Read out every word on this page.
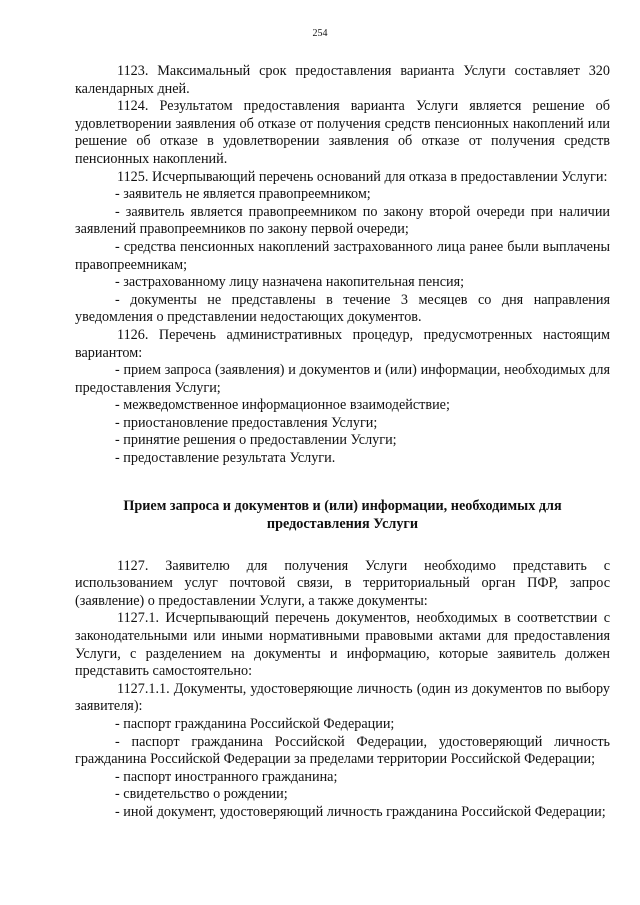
254

1123. Максимальный срок предоставления варианта Услуги составляет 320 календарных дней.

1124. Результатом предоставления варианта Услуги является решение об удовлетворении заявления об отказе от получения средств пенсионных накоплений или решение об отказе в удовлетворении заявления об отказе от получения средств пенсионных накоплений.

1125. Исчерпывающий перечень оснований для отказа в предоставлении Услуги:

- заявитель не является правопреемником;

- заявитель является правопреемником по закону второй очереди при наличии заявлений правопреемников по закону первой очереди;

- средства пенсионных накоплений застрахованного лица ранее были выплачены правопреемникам;

- застрахованному лицу назначена накопительная пенсия;

- документы не представлены в течение 3 месяцев со дня направления уведомления о представлении недостающих документов.

1126. Перечень административных процедур, предусмотренных настоящим вариантом:

- прием запроса (заявления) и документов и (или) информации, необходимых для предоставления Услуги;

- межведомственное информационное взаимодействие;

- приостановление предоставления Услуги;

- принятие решения о предоставлении Услуги;

- предоставление результата Услуги.

Прием запроса и документов и (или) информации, необходимых для предоставления Услуги

1127. Заявителю для получения Услуги необходимо представить с использованием услуг почтовой связи, в территориальный орган ПФР, запрос (заявление) о предоставлении Услуги, а также документы:

1127.1. Исчерпывающий перечень документов, необходимых в соответствии с законодательными или иными нормативными правовыми актами для предоставления Услуги, с разделением на документы и информацию, которые заявитель должен представить самостоятельно:

1127.1.1. Документы, удостоверяющие личность (один из документов по выбору заявителя):

- паспорт гражданина Российской Федерации;

- паспорт гражданина Российской Федерации, удостоверяющий личность гражданина Российской Федерации за пределами территории Российской Федерации;

- паспорт иностранного гражданина;

- свидетельство о рождении;

- иной документ, удостоверяющий личность гражданина Российской Федерации;
